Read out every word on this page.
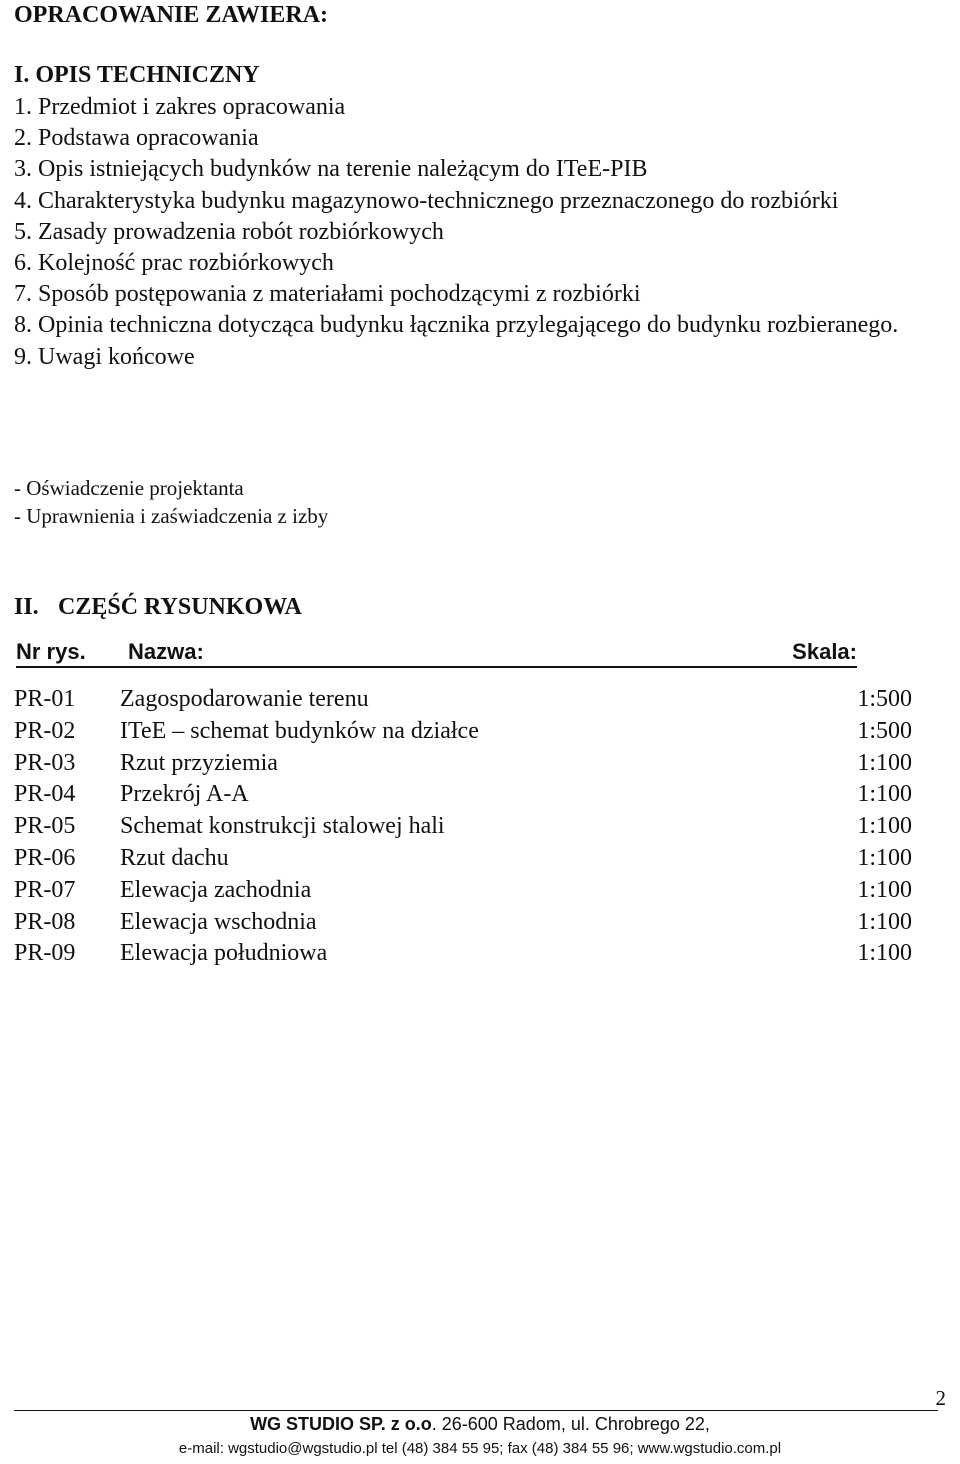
OPRACOWANIE ZAWIERA:
I. OPIS TECHNICZNY
1. Przedmiot i zakres opracowania
2. Podstawa opracowania
3. Opis istniejących budynków na terenie należącym do ITeE-PIB
4. Charakterystyka budynku magazynowo-technicznego przeznaczonego do rozbiórki
5. Zasady prowadzenia robót rozbiórkowych
6. Kolejność prac rozbiórkowych
7. Sposób postępowania z materiałami pochodzącymi z rozbiórki
8. Opinia techniczna dotycząca budynku łącznika przylegającego do budynku rozbieranego.
9. Uwagi końcowe
- Oświadczenie projektanta
- Uprawnienia i zaświadczenia z izby
II. CZĘŚĆ RYSUNKOWA
Nr rys. Nazwa:	Skala:
PR-01 Zagospodarowanie terenu	1:500
PR-02 ITeE – schemat budynków na działce	1:500
PR-03 Rzut przyziemia	1:100
PR-04 Przekrój A-A	1:100
PR-05 Schemat konstrukcji stalowej hali	1:100
PR-06 Rzut dachu	1:100
PR-07 Elewacja zachodnia	1:100
PR-08 Elewacja wschodnia	1:100
PR-09 Elewacja południowa	1:100
2
WG STUDIO SP. z o.o. 26-600 Radom, ul. Chrobrego 22,
e-mail: wgstudio@wgstudio.pl tel (48) 384 55 95; fax (48) 384 55 96; www.wgstudio.com.pl
